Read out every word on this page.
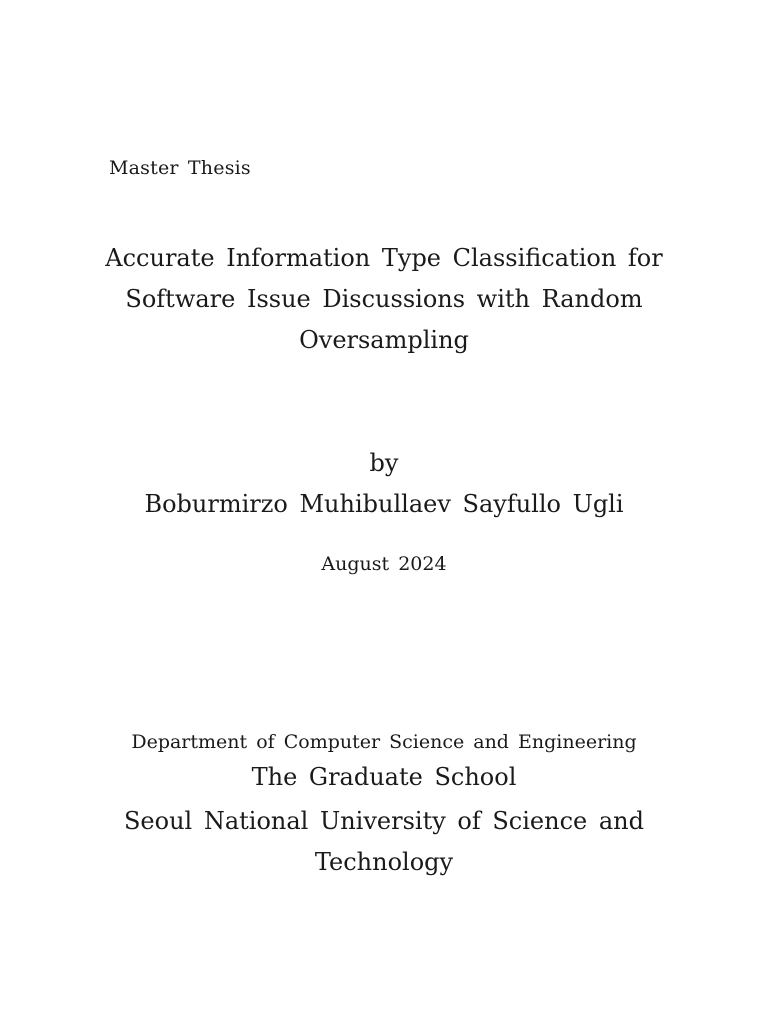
Master Thesis
Accurate Information Type Classification for
Software Issue Discussions with Random
Oversampling
by
Boburmirzo Muhibullaev Sayfullo Ugli
August 2024
Department of Computer Science and Engineering
The Graduate School
Seoul National University of Science and
Technology
